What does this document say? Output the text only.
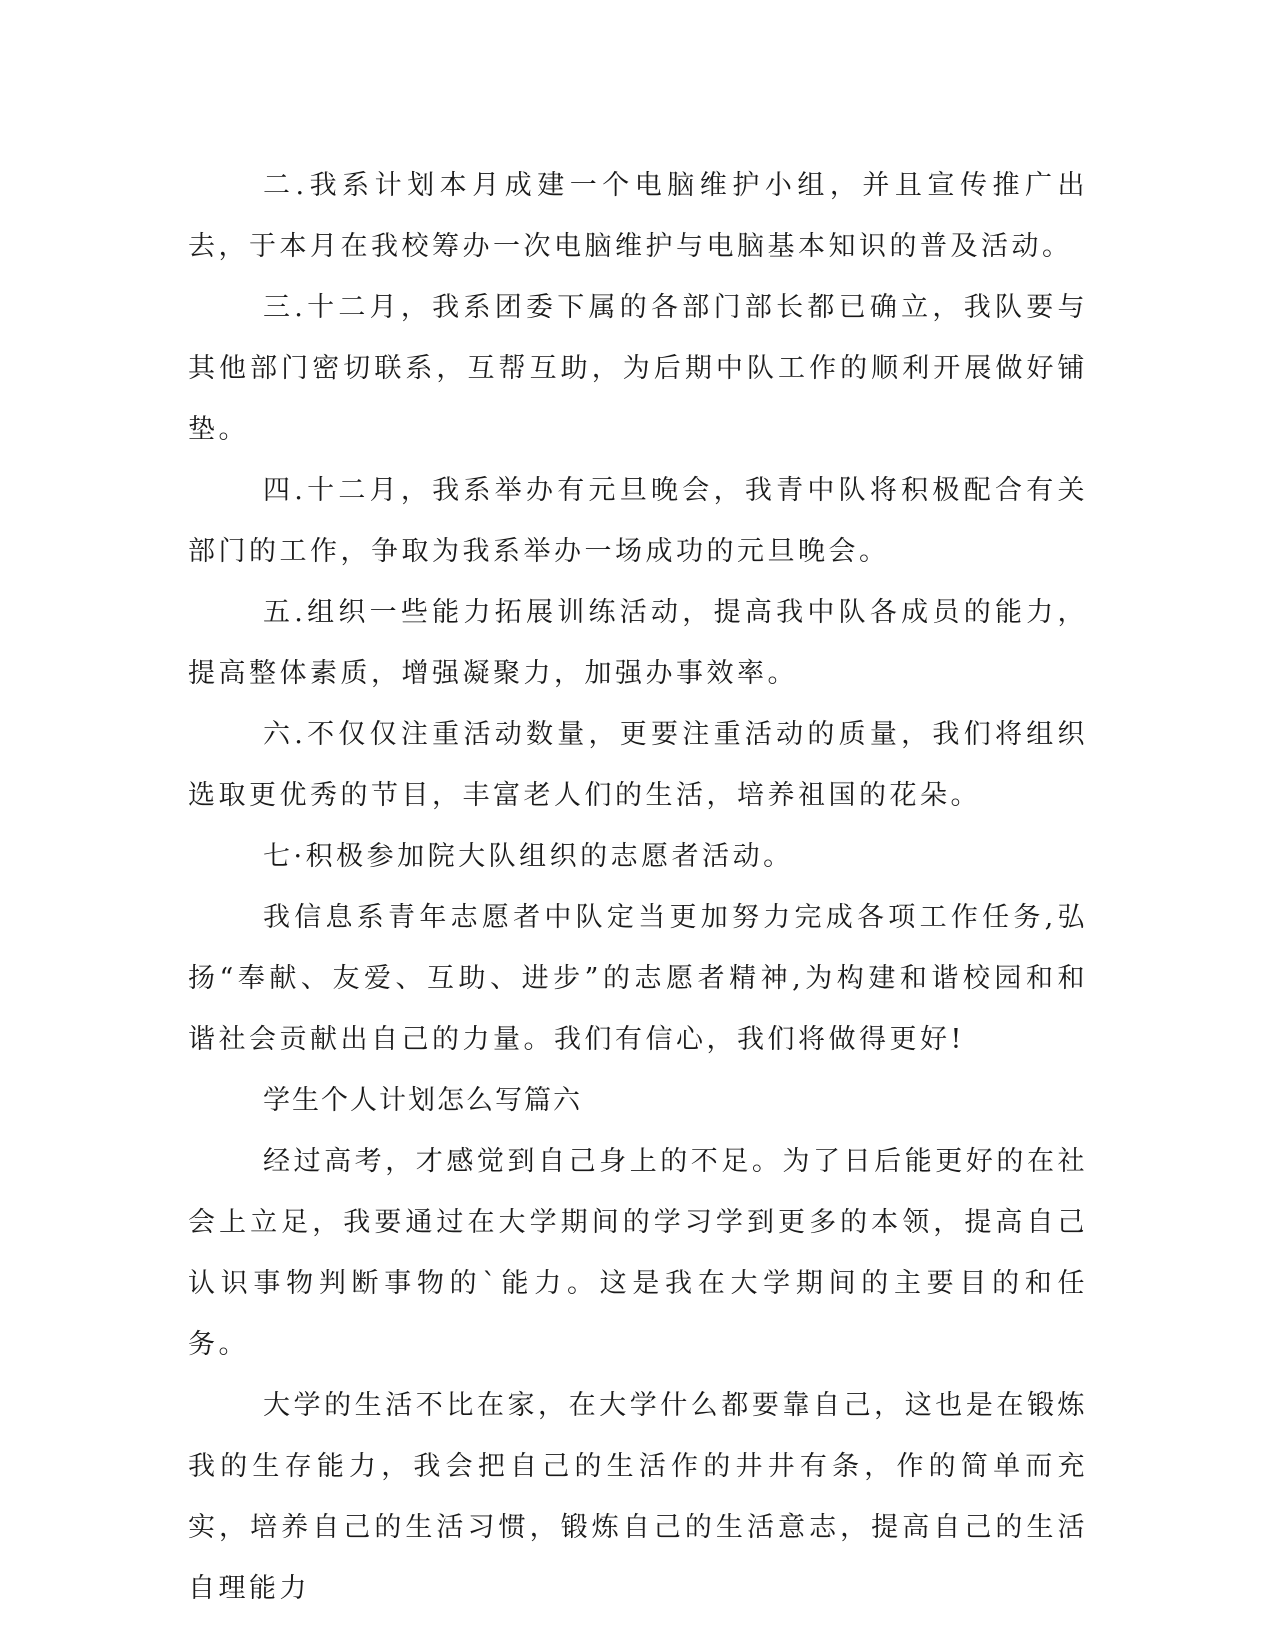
二.我系计划本月成建一个电脑维护小组，并且宣传推广出去，于本月在我校筹办一次电脑维护与电脑基本知识的普及活动。

三.十二月，我系团委下属的各部门部长都已确立，我队要与其他部门密切联系，互帮互助，为后期中队工作的顺利开展做好铺垫。

四.十二月，我系举办有元旦晚会，我青中队将积极配合有关部门的工作，争取为我系举办一场成功的元旦晚会。

五.组织一些能力拓展训练活动，提高我中队各成员的能力，提高整体素质，增强凝聚力，加强办事效率。

六.不仅仅注重活动数量，更要注重活动的质量，我们将组织选取更优秀的节目，丰富老人们的生活，培养祖国的花朵。

七·积极参加院大队组织的志愿者活动。

我信息系青年志愿者中队定当更加努力完成各项工作任务,弘扬“奉献、友爱、互助、进步”的志愿者精神,为构建和谐校园和和谐社会贡献出自己的力量。我们有信心，我们将做得更好!

学生个人计划怎么写篇六

经过高考，才感觉到自己身上的不足。为了日后能更好的在社会上立足，我要通过在大学期间的学习学到更多的本领，提高自己认识事物判断事物的`能力。这是我在大学期间的主要目的和任务。

大学的生活不比在家，在大学什么都要靠自己，这也是在锻炼我的生存能力，我会把自己的生活作的井井有条，作的简单而充实，培养自己的生活习惯，锻炼自己的生活意志，提高自己的生活自理能力
